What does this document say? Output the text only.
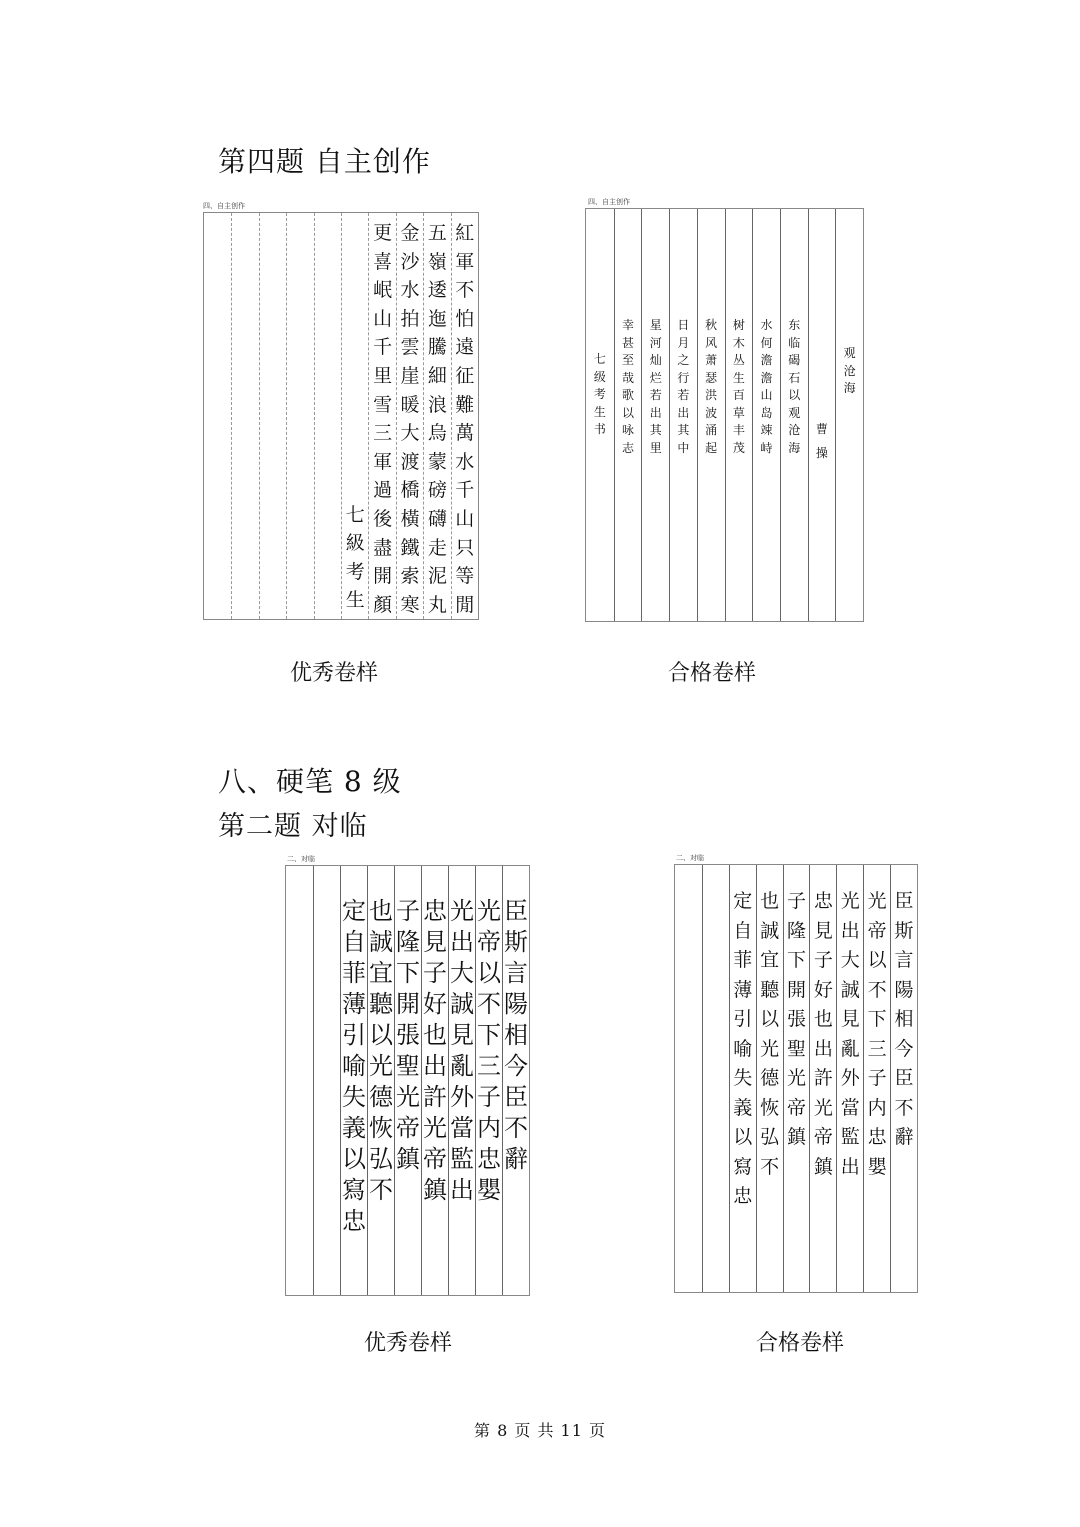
第四题 自主创作
七
級
考
生
更
喜
岷
山
千
里
雪
三
軍
過
後
盡
開
顏
金
沙
水
拍
雲
崖
暖
大
渡
橋
橫
鐵
索
寒
五
嶺
逶
迤
騰
細
浪
烏
蒙
磅
礴
走
泥
丸
紅
軍
不
怕
遠
征
難
萬
水
千
山
只
等
閒
四、自主创作
优秀卷样
七
级
考
生
书
幸
甚
至
哉
歌
以
咏
志
星
河
灿
烂
若
出
其
里
日
月
之
行
若
出
其
中
秋
风
萧
瑟
洪
波
涌
起
树
木
丛
生
百
草
丰
茂
水
何
澹
澹
山
岛
竦
峙
东
临
碣
石
以
观
沧
海
曹
操
观
沧
海
四、自主创作
合格卷样
八、硬笔 8 级
第二题 对临
定
自
菲
薄
引
喻
失
義
以
寫
忠
也
誠
宜
聽
以
光
德
恢
弘
不
子
隆
下
開
張
聖
光
帝
鎮
忠
見
子
好
也
出
許
光
帝
鎮
光
出
大
誠
見
亂
外
當
監
出
光
帝
以
不
下
三
子
内
忠
嬰
臣
斯
言
陽
相
今
臣
不
辭
二、对临
优秀卷样
定
自
菲
薄
引
喻
失
義
以
寫
忠
也
誠
宜
聽
以
光
德
恢
弘
不
子
隆
下
開
張
聖
光
帝
鎮
忠
見
子
好
也
出
許
光
帝
鎮
光
出
大
誠
見
亂
外
當
監
出
光
帝
以
不
下
三
子
内
忠
嬰
臣
斯
言
陽
相
今
臣
不
辭
二、对临
合格卷样
第 8 页 共 11 页
